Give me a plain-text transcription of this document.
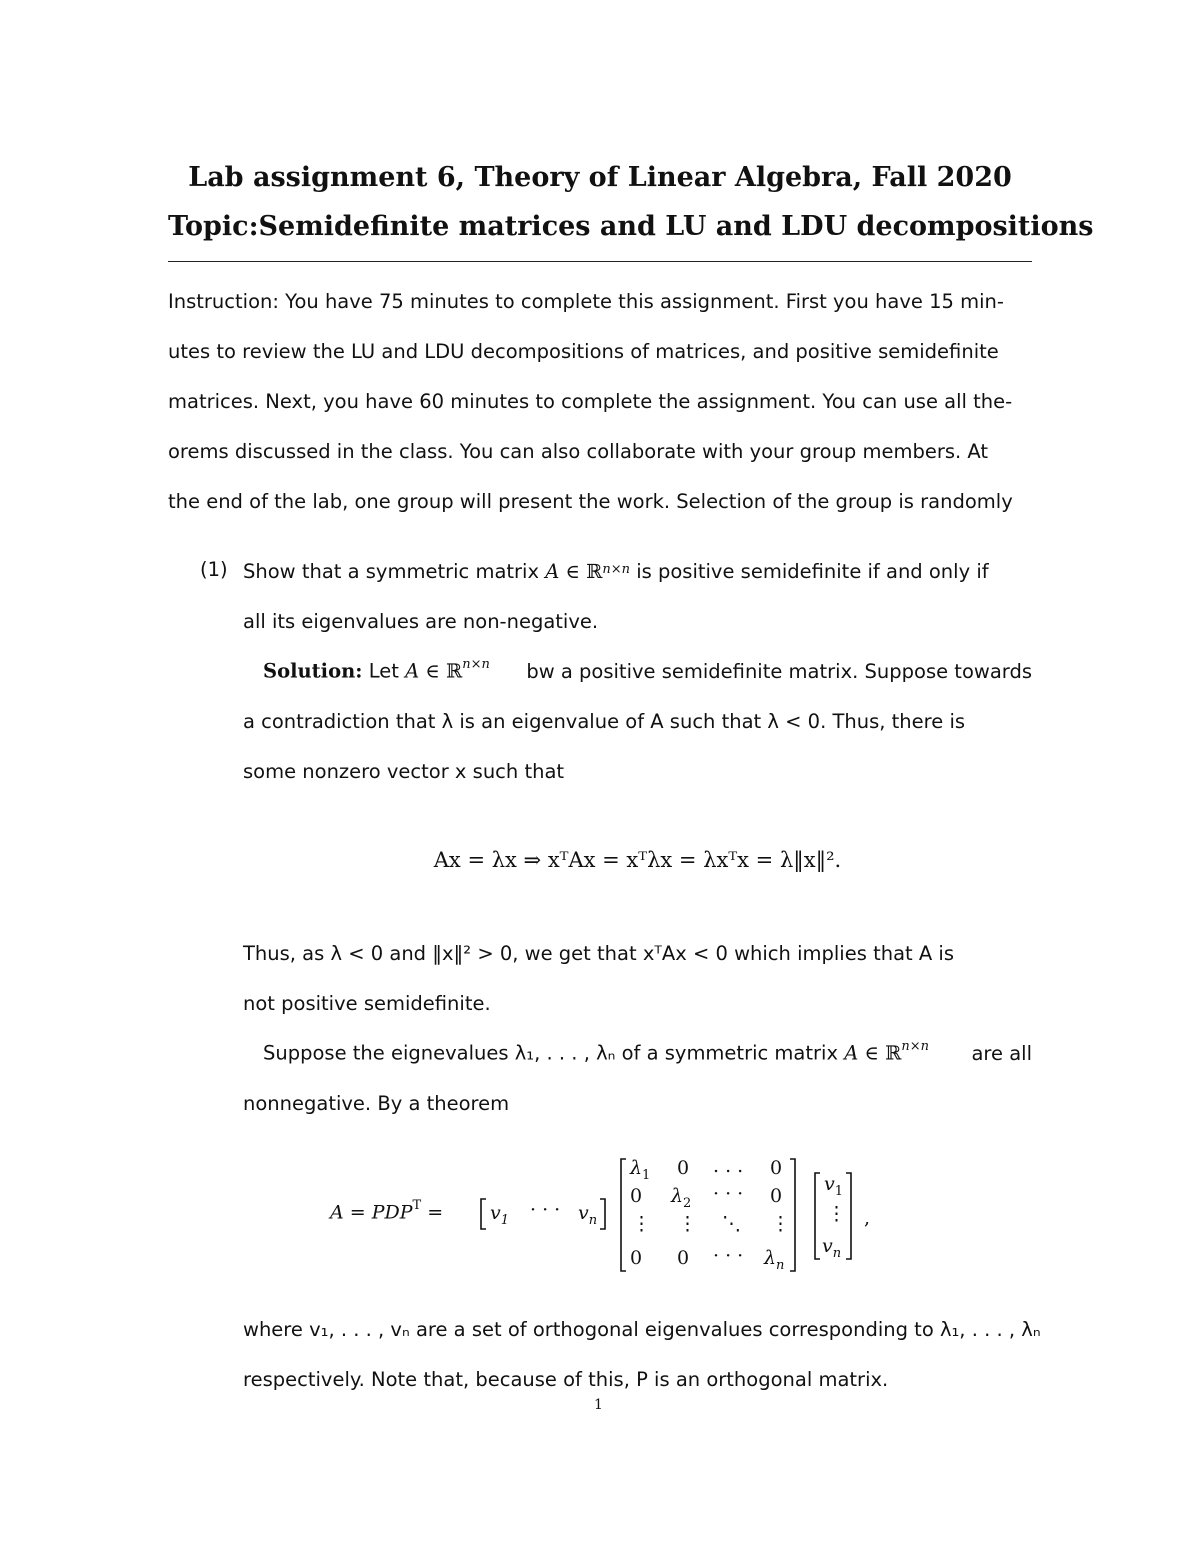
Lab assignment 6, Theory of Linear Algebra, Fall 2020
Topic:Semidefinite matrices and LU and LDU decompositions
Instruction: You have 75 minutes to complete this assignment. First you have 15 min-
utes to review the LU and LDU decompositions of matrices, and positive semidefinite
matrices. Next, you have 60 minutes to complete the assignment. You can use all the-
orems discussed in the class. You can also collaborate with your group members. At
the end of the lab, one group will present the work. Selection of the group is randomly
(1) Show that a symmetric matrix
A
∈ ℝ$^{n\times n}$
is positive semidefinite if and only if
all its eigenvalues are non-negative.
Solution: Let A ∈ ℝ$^{n\times n}$ bw a positive semidefinite matrix. Suppose towards
a contradiction that λ is an eigenvalue of A such that λ < 0. Thus, there is
some nonzero vector x such that
Ax = λx ⇒ xᵀAx = xᵀλx = λxᵀx = λ‖x‖².
Thus, as λ < 0 and ‖x‖² > 0, we get that xᵀAx < 0 which implies that A is
not positive semidefinite.
Suppose the eignevalues λ₁, . . . , λₙ of a symmetric matrix A ∈ ℝ$^{n\times n}$ are all
nonnegative. By a theorem
$A = PDP^T = v_1$ · · · $v_n$
$\lambda_1$ 0 . . . 0
0 $\lambda_2$ · · · 0
⋮ ⋮ ⋱ ⋮
0 0 · · · $\lambda_n$
$v_1$
⋮
$v_n$
,
where v₁, . . . , vₙ are a set of orthogonal eigenvalues corresponding to λ₁, . . . , λₙ
respectively. Note that, because of this, P is an orthogonal matrix.
1
